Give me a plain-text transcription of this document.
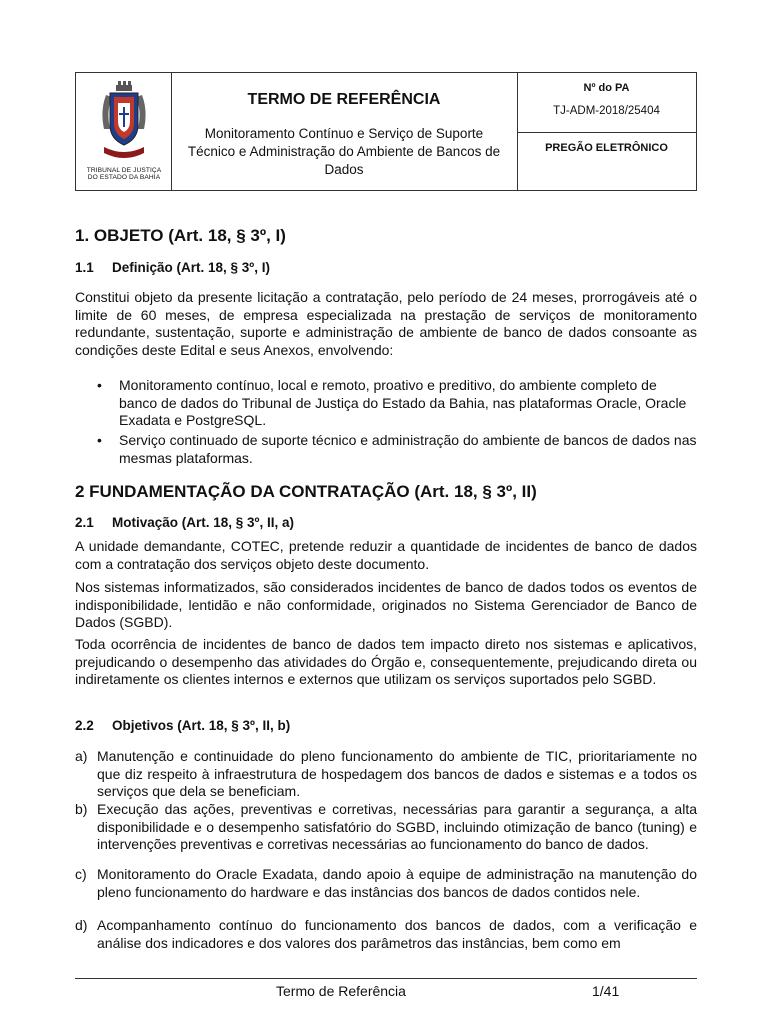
TRIBUNAL DE JUSTIÇA DO ESTADO DA BAHIA
TERMO DE REFERÊNCIA
Monitoramento Contínuo e Serviço de Suporte Técnico e Administração do Ambiente de Bancos de Dados
Nº do PA
TJ-ADM-2018/25404
PREGÃO ELETRÔNICO
1. OBJETO (Art. 18, § 3º, I)
1.1 Definição (Art. 18, § 3º, I)
Constitui objeto da presente licitação a contratação, pelo período de 24 meses, prorrogáveis até o limite de 60 meses, de empresa especializada na prestação de serviços de monitoramento redundante, sustentação, suporte e administração de ambiente de banco de dados consoante as condições deste Edital e seus Anexos, envolvendo:
• Monitoramento contínuo, local e remoto, proativo e preditivo, do ambiente completo de banco de dados do Tribunal de Justiça do Estado da Bahia, nas plataformas Oracle, Oracle Exadata e PostgreSQL.
• Serviço continuado de suporte técnico e administração do ambiente de bancos de dados nas mesmas plataformas.
2 FUNDAMENTAÇÃO DA CONTRATAÇÃO (Art. 18, § 3º, II)
2.1 Motivação (Art. 18, § 3º, II, a)
A unidade demandante, COTEC, pretende reduzir a quantidade de incidentes de banco de dados com a contratação dos serviços objeto deste documento.
Nos sistemas informatizados, são considerados incidentes de banco de dados todos os eventos de indisponibilidade, lentidão e não conformidade, originados no Sistema Gerenciador de Banco de Dados (SGBD).
Toda ocorrência de incidentes de banco de dados tem impacto direto nos sistemas e aplicativos, prejudicando o desempenho das atividades do Órgão e, consequentemente, prejudicando direta ou indiretamente os clientes internos e externos que utilizam os serviços suportados pelo SGBD.
2.2 Objetivos (Art. 18, § 3º, II, b)
a) Manutenção e continuidade do pleno funcionamento do ambiente de TIC, prioritariamente no que diz respeito à infraestrutura de hospedagem dos bancos de dados e sistemas e a todos os serviços que dela se beneficiam.
b) Execução das ações, preventivas e corretivas, necessárias para garantir a segurança, a alta disponibilidade e o desempenho satisfatório do SGBD, incluindo otimização de banco (tuning) e intervenções preventivas e corretivas necessárias ao funcionamento do banco de dados.
c) Monitoramento do Oracle Exadata, dando apoio à equipe de administração na manutenção do pleno funcionamento do hardware e das instâncias dos bancos de dados contidos nele.
d) Acompanhamento contínuo do funcionamento dos bancos de dados, com a verificação e análise dos indicadores e dos valores dos parâmetros das instâncias, bem como em
Termo de Referência	1/41
